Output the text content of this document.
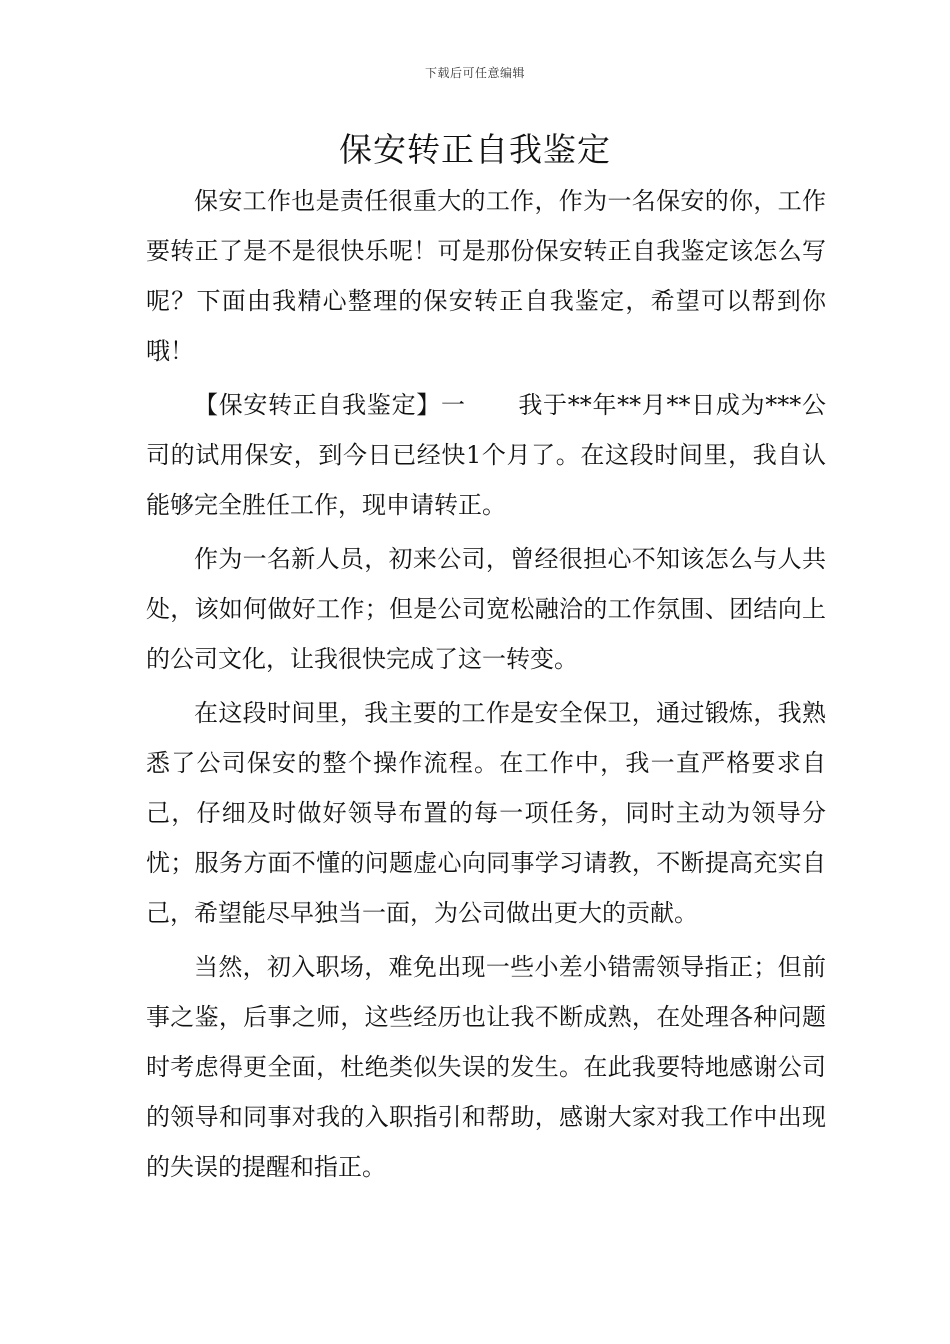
下载后可任意编辑
保安转正自我鉴定

保安工作也是责任很重大的工作，作为一名保安的你，工作要转正了是不是很快乐呢！可是那份保安转正自我鉴定该怎么写呢？下面由我精心整理的保安转正自我鉴定，希望可以帮到你哦！

【保安转正自我鉴定】一 我于**年**月**日成为***公司的试用保安，到今日已经快1个月了。在这段时间里，我自认能够完全胜任工作，现申请转正。

作为一名新人员，初来公司，曾经很担心不知该怎么与人共处，该如何做好工作；但是公司宽松融洽的工作氛围、团结向上的公司文化，让我很快完成了这一转变。

在这段时间里，我主要的工作是安全保卫，通过锻炼，我熟悉了公司保安的整个操作流程。在工作中，我一直严格要求自己，仔细及时做好领导布置的每一项任务，同时主动为领导分忧；服务方面不懂的问题虚心向同事学习请教，不断提高充实自己，希望能尽早独当一面，为公司做出更大的贡献。

当然，初入职场，难免出现一些小差小错需领导指正；但前事之鉴，后事之师，这些经历也让我不断成熟，在处理各种问题时考虑得更全面，杜绝类似失误的发生。在此我要特地感谢公司的领导和同事对我的入职指引和帮助，感谢大家对我工作中出现的失误的提醒和指正。
